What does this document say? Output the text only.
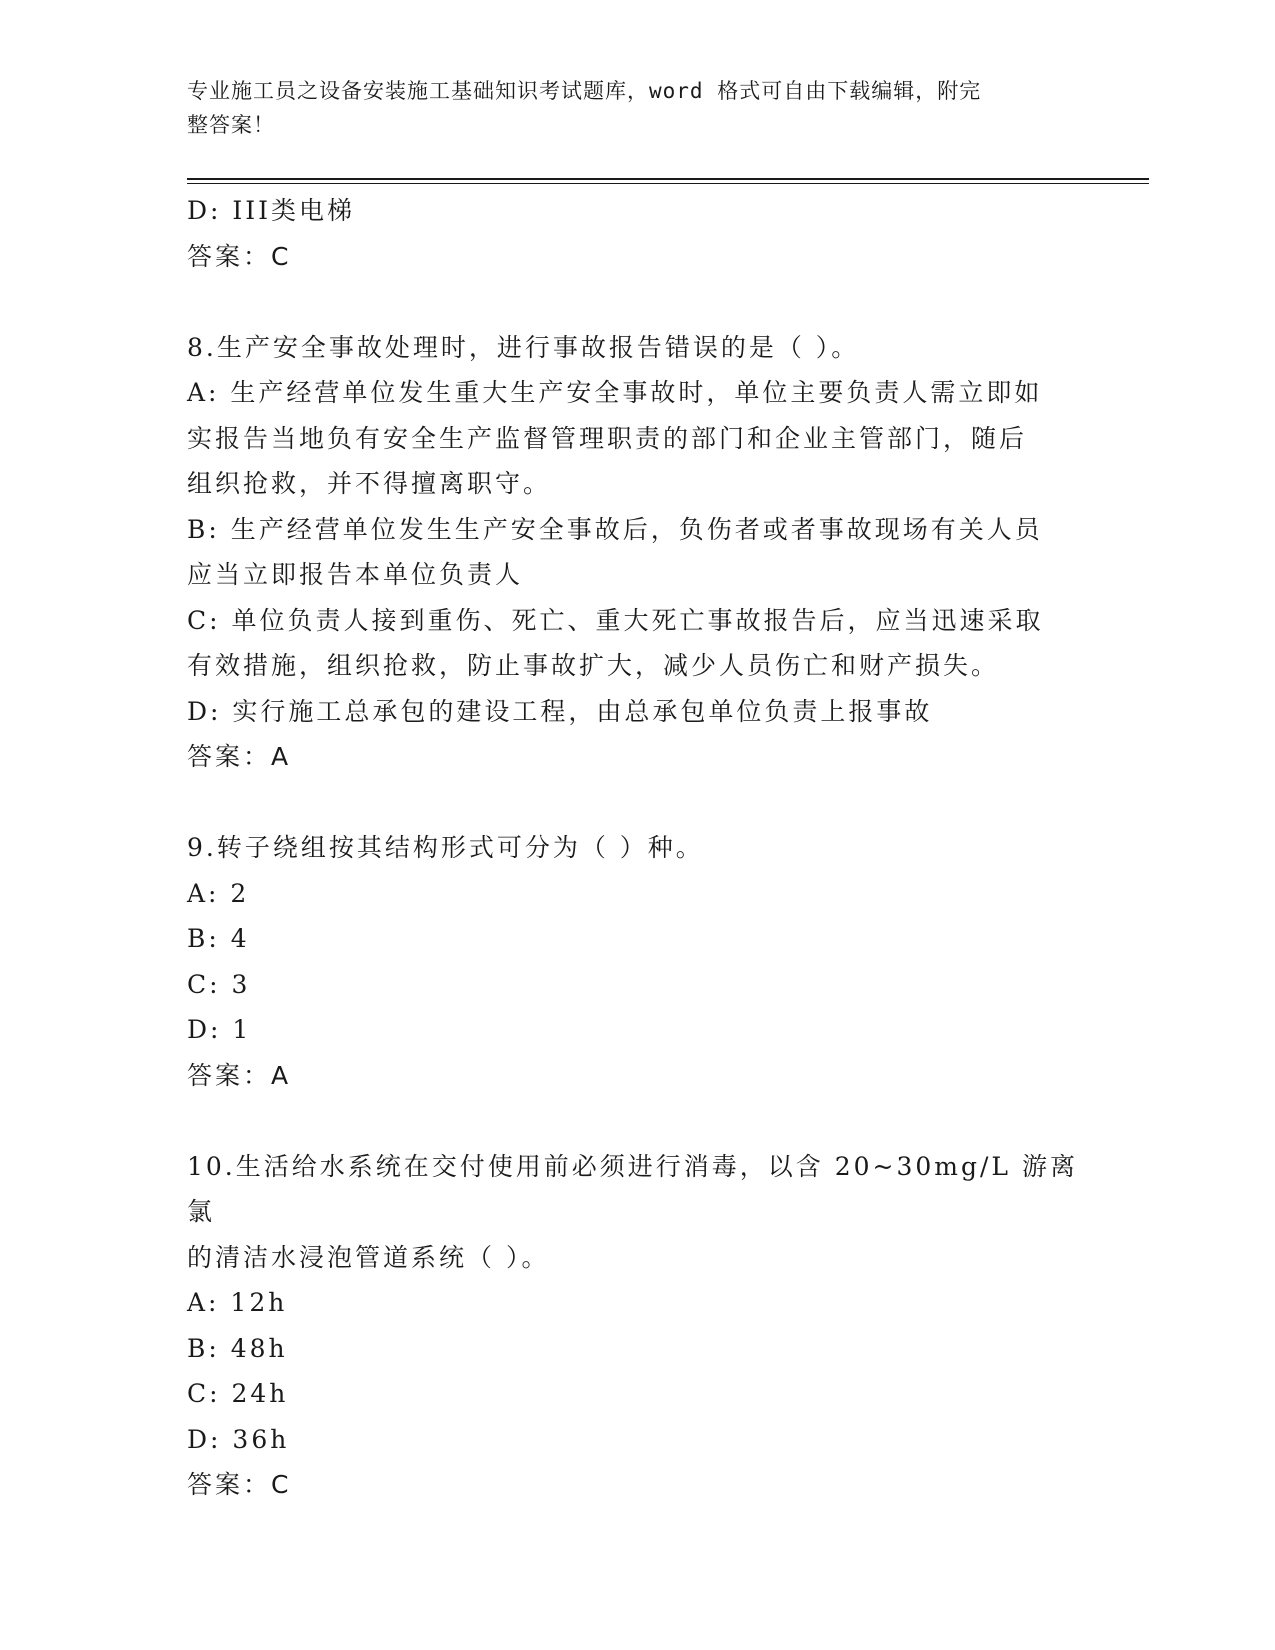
专业施工员之设备安装施工基础知识考试题库，word 格式可自由下载编辑，附完
整答案！
D: III类电梯
答案：C
8.生产安全事故处理时，进行事故报告错误的是（ ）。
A: 生产经营单位发生重大生产安全事故时，单位主要负责人需立即如
实报告当地负有安全生产监督管理职责的部门和企业主管部门，随后
组织抢救，并不得擅离职守。
B: 生产经营单位发生生产安全事故后，负伤者或者事故现场有关人员
应当立即报告本单位负责人
C: 单位负责人接到重伤、死亡、重大死亡事故报告后，应当迅速采取
有效措施，组织抢救，防止事故扩大，减少人员伤亡和财产损失。
D: 实行施工总承包的建设工程，由总承包单位负责上报事故
答案：A
9.转子绕组按其结构形式可分为（ ）种。
A: 2
B: 4
C: 3
D: 1
答案：A
10.生活给水系统在交付使用前必须进行消毒，以含 20~30mg/L 游离氯
的清洁水浸泡管道系统（ ）。
A: 12h
B: 48h
C: 24h
D: 36h
答案：C
